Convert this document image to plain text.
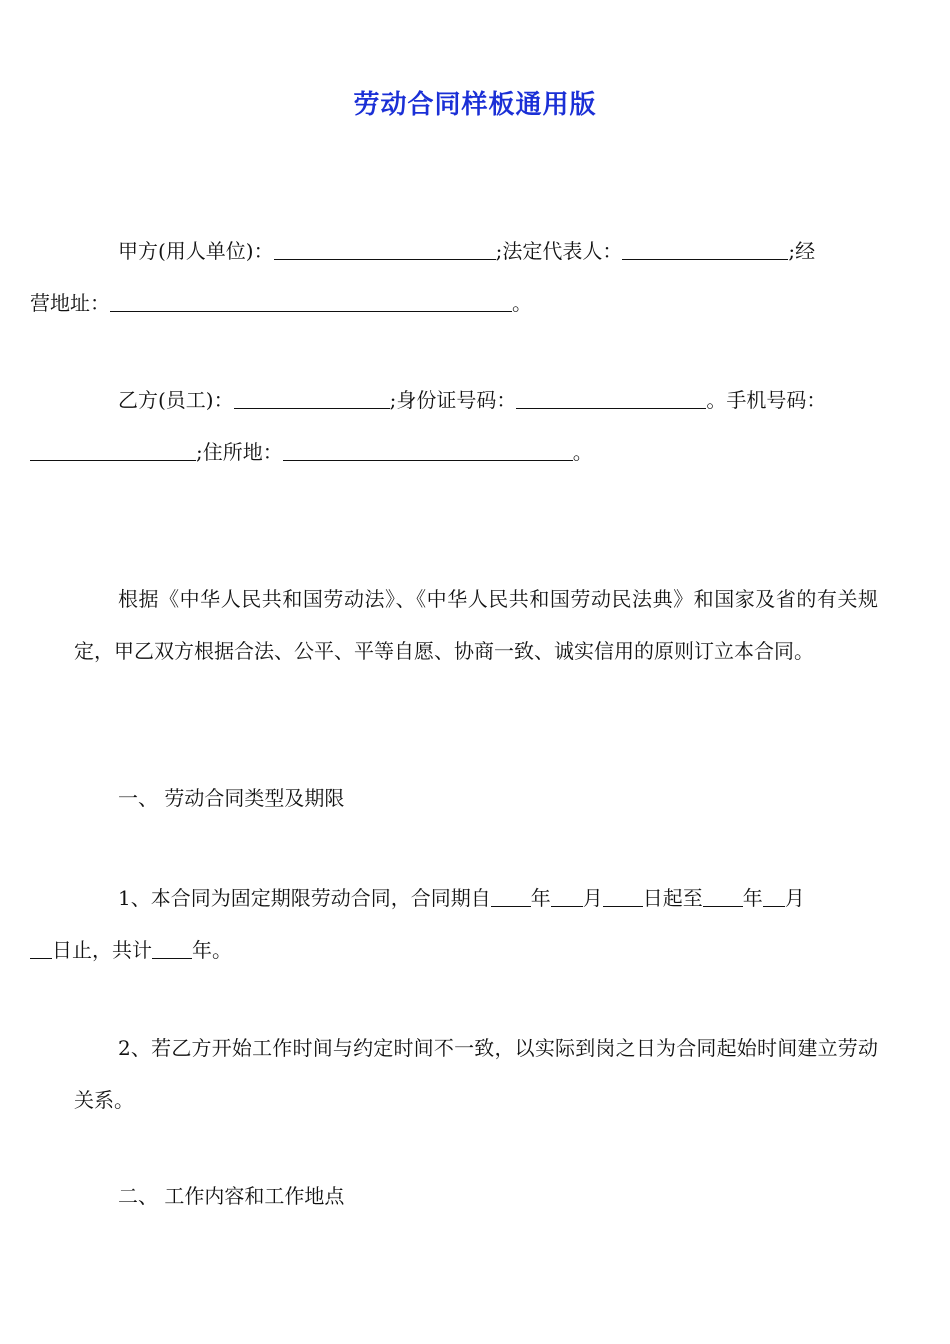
劳动合同样板通用版
甲方(用人单位)：	;法定代表人：	;经
营地址：	。
乙方(员工)：	;身份证号码：	。手机号码：
;住所地：	。
根据《中华人民共和国劳动法》、《中华人民共和国劳动民法典》和国家及省的有关规定，甲乙双方根据合法、公平、平等自愿、协商一致、诚实信用的原则订立本合同。
一、 劳动合同类型及期限
1、本合同为固定期限劳动合同，合同期自 年 月 日起至 年 月
日止，共计 年。
2、若乙方开始工作时间与约定时间不一致，以实际到岗之日为合同起始时间建立劳动关系。
二、 工作内容和工作地点
